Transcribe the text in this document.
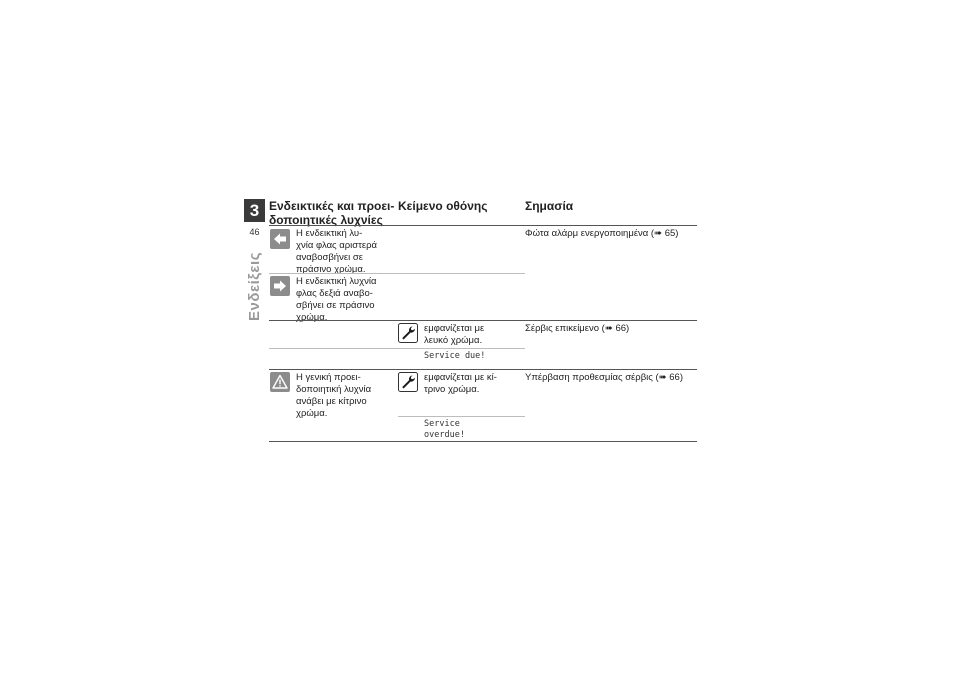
3
46
Ενδείξεις
Ενδεικτικές και προει-
δοποιητικές λυχνίες
Κείμενο οθόνης	Σημασία
Η ενδεικτική λυ-
χνία φλας αριστερά
αναβοσβήνει σε
πράσινο χρώμα.
Φώτα αλάρμ ενεργοποιημένα (➠ 65)
Η ενδεικτική λυχνία
φλας δεξιά αναβο-
σβήνει σε πράσινο
χρώμα.
εμφανίζεται με
λευκό χρώμα.
Σέρβις επικείμενο (➠ 66)
Service due!
Η γενική προει-
δοποιητική λυχνία
ανάβει με κίτρινο
χρώμα.
εμφανίζεται με κί-
τρινο χρώμα.
Υπέρβαση προθεσμίας σέρβις (➠ 66)
Service
overdue!
